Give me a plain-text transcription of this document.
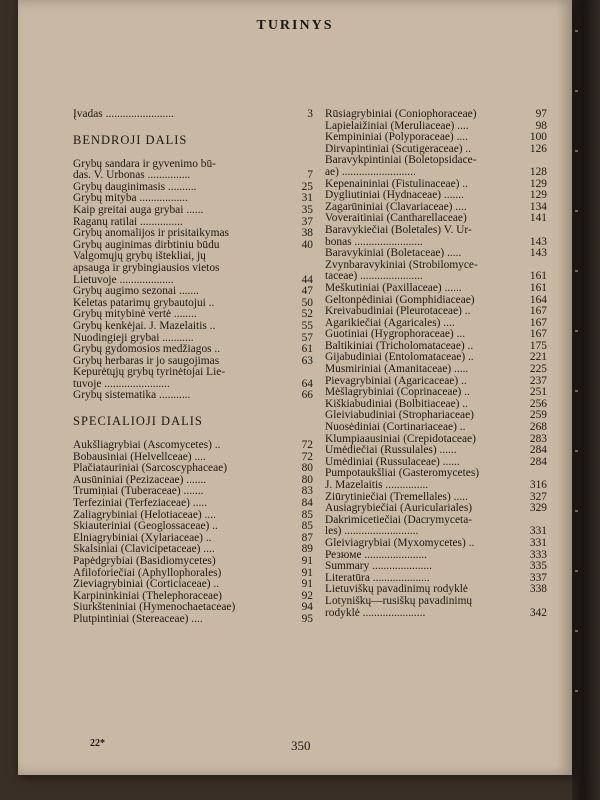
TURINYS
Įvadas ........................	3
BENDROJI DALIS
Grybų sandara ir gyvenimo bū-
das. V. Urbonas ...............	7
Grybų dauginimasis ..........	25
Grybų mityba .................	31
Kaip greitai auga grybai ......	35
Raganų ratilai ...............	37
Grybų anomalijos ir prisitaikymas	38
Grybų auginimas dirbtiniu būdu	40
Valgomųjų grybų ištekliai, jų
apsauga ir grybingiausios vietos
Lietuvoje ...................	44
Grybų augimo sezonai .......	47
Keletas patarimų grybautojui ..	50
Grybų mitybinė vertė ........	52
Grybų kenkėjai. J. Mazelaitis ..	55
Nuodingieji grybai ...........	57
Grybų gydomosios medžiagos ..	61
Grybų herbaras ir jo saugojimas	63
Kepurėtųjų grybų tyrinėtojai Lie-
tuvoje .......................	64
Grybų sistematika ...........	66
SPECIALIOJI DALIS
Aukšliagrybiai (Ascomycetes) ..	72
Bobausiniai (Helvellceae) ....	72
Plačiatauriniai (Sarcoscyphaceae)	80
Ausūniniai (Pezizaceae) .......	80
Trumiņiai (Tuberaceae) .......	83
Terfeziniai (Terfeziaceae) .....	84
Žaliagrybiniai (Helotiaceae) ....	85
Skiauteriniai (Geoglossaceae) ..	85
Elniagrybiniai (Xylariaceae) ..	87
Skalsiniai (Clavicipetaceae) ....	89
Papėdgrybiai (Basidiomycetes)	91
Afiloforiečiai (Aphyllophorales)	91
Žieviagrybiniai (Corticiaceae) ..	91
Karpininkiniai (Thelephoraceae)	92
Šiurkšteniniai (Hymenochaetaceae)	94
Plutpintiniai (Stereaceae) ....	95
Rūsiagrybiniai (Coniophoraceae)	97
Lapielaižiniai (Meruliaceae) ....	98
Kempininiai (Polyporaceae) ....	100
Dirvapintiniai (Scutigeraceae) ..	126
Baravykpintiniai (Boletopsidace-
ae) ..........................	128
Kepenaininiai (Fistulinaceae) ..	129
Dygliutiniai (Hydnaceae) .......	129
Žagarūniniai (Clavariaceae) ....	134
Voveraitiniai (Cantharellaceae)	141
Baravykiečiai (Boletales) V. Ur-
bonas ........................	143
Baravykiniai (Boletaceae) .....	143
Žvynbaravykiniai (Strobilomyce-
taceae) ......................	161
Meškutiniai (Paxillaceae) ......	161
Geltonpėdiniai (Gomphidiaceae)	164
Kreivabudiniai (Pleurotaceae) ..	167
Agarikiečiai (Agaricales) ....	167
Guotiniai (Hygrophoraceae) ...	167
Baltikiniai (Tricholomataceae) ..	175
Gijabudiniai (Entolomataceae) ..	221
Musmiriniai (Amanitaceae) .....	225
Pievagrybiniai (Agaricaceae) ..	237
Mėšlagrybiniai (Coprinaceae) ..	251
Kiškiabudiniai (Bolbitiaceae) ..	256
Gleiviabudiniai (Strophariaceae)	259
Nuosėdiniai (Cortinariaceae) ..	268
Klumpiaausiniai (Crepidotaceae)	283
Ūmėdiečiai (Russulales) ......	284
Ūmėdiniai (Russulaceae) ......	284
Pumpotaukšliai (Gasteromycetes)
J. Mazelaitis ...............	316
Žiūrytiniečiai (Tremellales) .....	327
Ausiagrybiečiai (Auriculariales)	329
Dakrimicetiečiai (Dacrymyceta-
les) ..........................	331
Gleiviagrybiai (Myxomycetes) ..	331
Резюме ......................	333
Summary .....................	335
Literatūra ....................	337
Lietuviškų pavadinimų rodyklė	338
Lotyniškų—rusiškų pavadinimų
rodyklė ......................	342
22*	350
